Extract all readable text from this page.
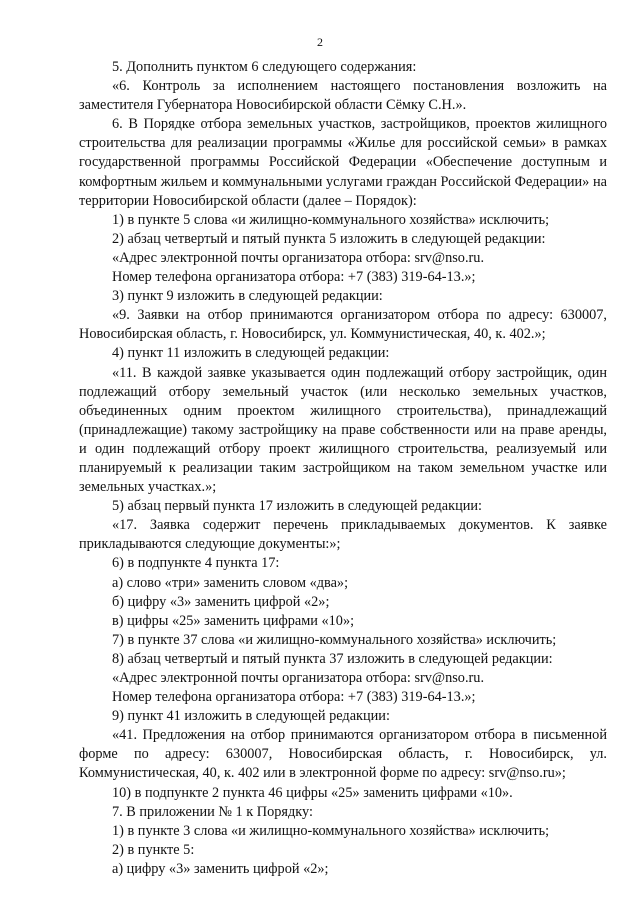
2

5. Дополнить пунктом 6 следующего содержания:

«6. Контроль за исполнением настоящего постановления возложить на заместителя Губернатора Новосибирской области Сёмку С.Н.».

6. В Порядке отбора земельных участков, застройщиков, проектов жилищного строительства для реализации программы «Жилье для российской семьи» в рамках государственной программы Российской Федерации «Обеспечение доступным и комфортным жильем и коммунальными услугами граждан Российской Федерации» на территории Новосибирской области (далее – Порядок):

1) в пункте 5 слова «и жилищно-коммунального хозяйства» исключить;

2) абзац четвертый и пятый пункта 5 изложить в следующей редакции:

«Адрес электронной почты организатора отбора: srv@nso.ru.

Номер телефона организатора отбора: +7 (383) 319-64-13.»;

3) пункт 9 изложить в следующей редакции:

«9. Заявки на отбор принимаются организатором отбора по адресу: 630007, Новосибирская область, г. Новосибирск, ул. Коммунистическая, 40, к. 402.»;

4) пункт 11 изложить в следующей редакции:

«11. В каждой заявке указывается один подлежащий отбору застройщик, один подлежащий отбору земельный участок (или несколько земельных участков, объединенных одним проектом жилищного строительства), принадлежащий (принадлежащие) такому застройщику на праве собственности или на праве аренды, и один подлежащий отбору проект жилищного строительства, реализуемый или планируемый к реализации таким застройщиком на таком земельном участке или земельных участках.»;

5) абзац первый пункта 17 изложить в следующей редакции:

«17. Заявка содержит перечень прикладываемых документов. К заявке прикладываются следующие документы:»;

6) в подпункте 4 пункта 17:

а) слово «три» заменить словом «два»;

б) цифру «3» заменить цифрой «2»;

в) цифры «25» заменить цифрами «10»;

7) в пункте 37 слова «и жилищно-коммунального хозяйства» исключить;

8) абзац четвертый и пятый пункта 37 изложить в следующей редакции:

«Адрес электронной почты организатора отбора: srv@nso.ru.

Номер телефона организатора отбора: +7 (383) 319-64-13.»;

9) пункт 41 изложить в следующей редакции:

«41. Предложения на отбор принимаются организатором отбора в письменной форме по адресу: 630007, Новосибирская область, г. Новосибирск, ул. Коммунистическая, 40, к. 402 или в электронной форме по адресу: srv@nso.ru»;

10) в подпункте 2 пункта 46 цифры «25» заменить цифрами «10».

7. В приложении № 1 к Порядку:

1) в пункте 3 слова «и жилищно-коммунального хозяйства» исключить;

2) в пункте 5:

а) цифру «3» заменить цифрой «2»;
